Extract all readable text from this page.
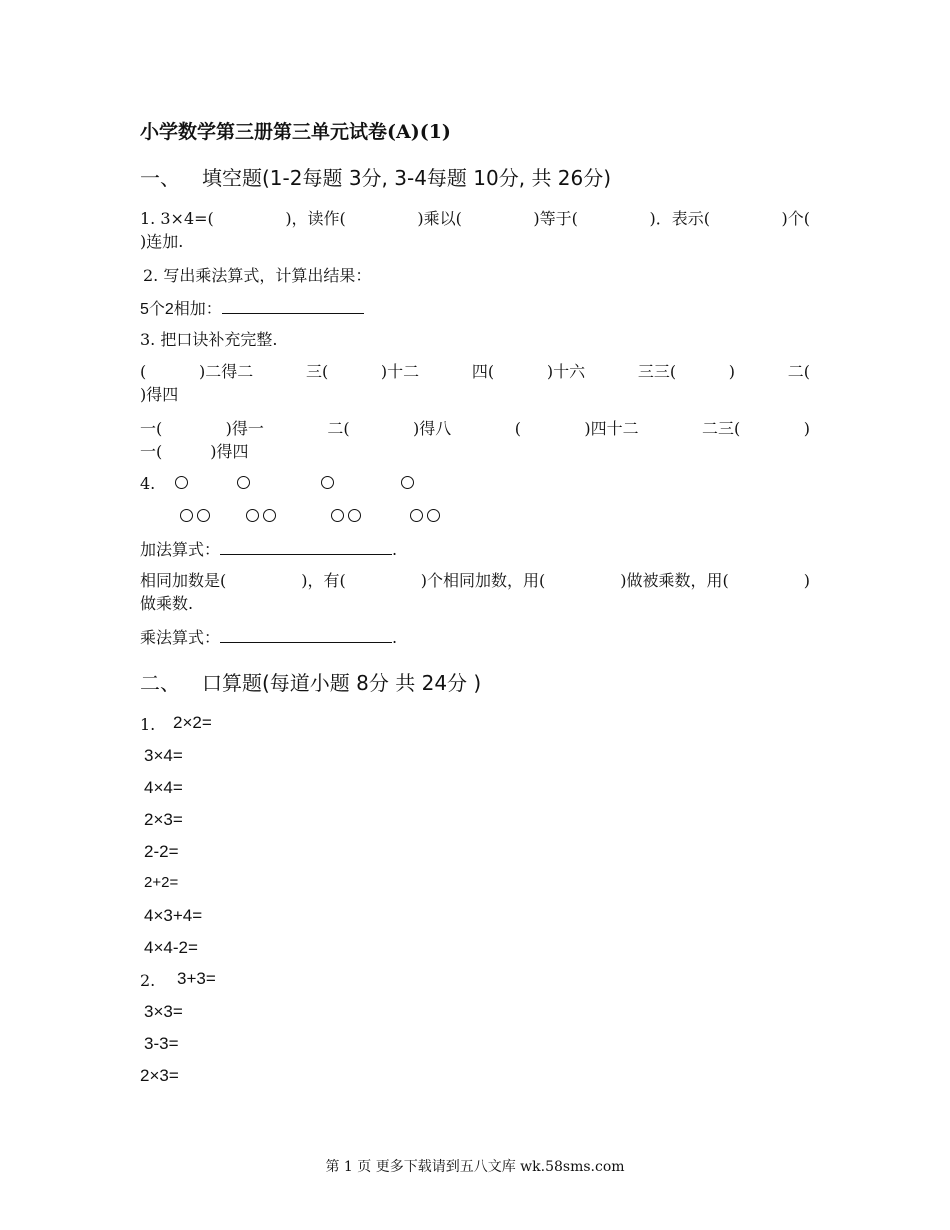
小学数学第三册第三单元试卷(A)(1)
一、 填空题(1-2每题 3分, 3-4每题 10分, 共 26分)
1. 3×4=(	)，读作(	)乘以(	)等于(	)．表示(	)个(
)连加.
2. 写出乘法算式，计算出结果：
5个2相加：
3. 把口诀补充完整.
(	)二得二	三(	)十二	四(	)十六	三三(	)	二(
)得四
一(	)得一	二(	)得八	(	)四十二	二三(	)
一(　　　)得四
4.
加法算式：	.
相同加数是(	)，有(	)个相同加数，用(	)做被乘数，用(	)
做乘数.
乘法算式：	.
二、 口算题(每道小题 8分 共 24分 )
1. 2×2=
3×4=
4×4=
2×3=
2-2=
2+2=
4×3+4=
4×4-2=
2. 3+3=
3×3=
3-3=
2×3=
第 1 页 更多下载请到五八文库 wk.58sms.com
